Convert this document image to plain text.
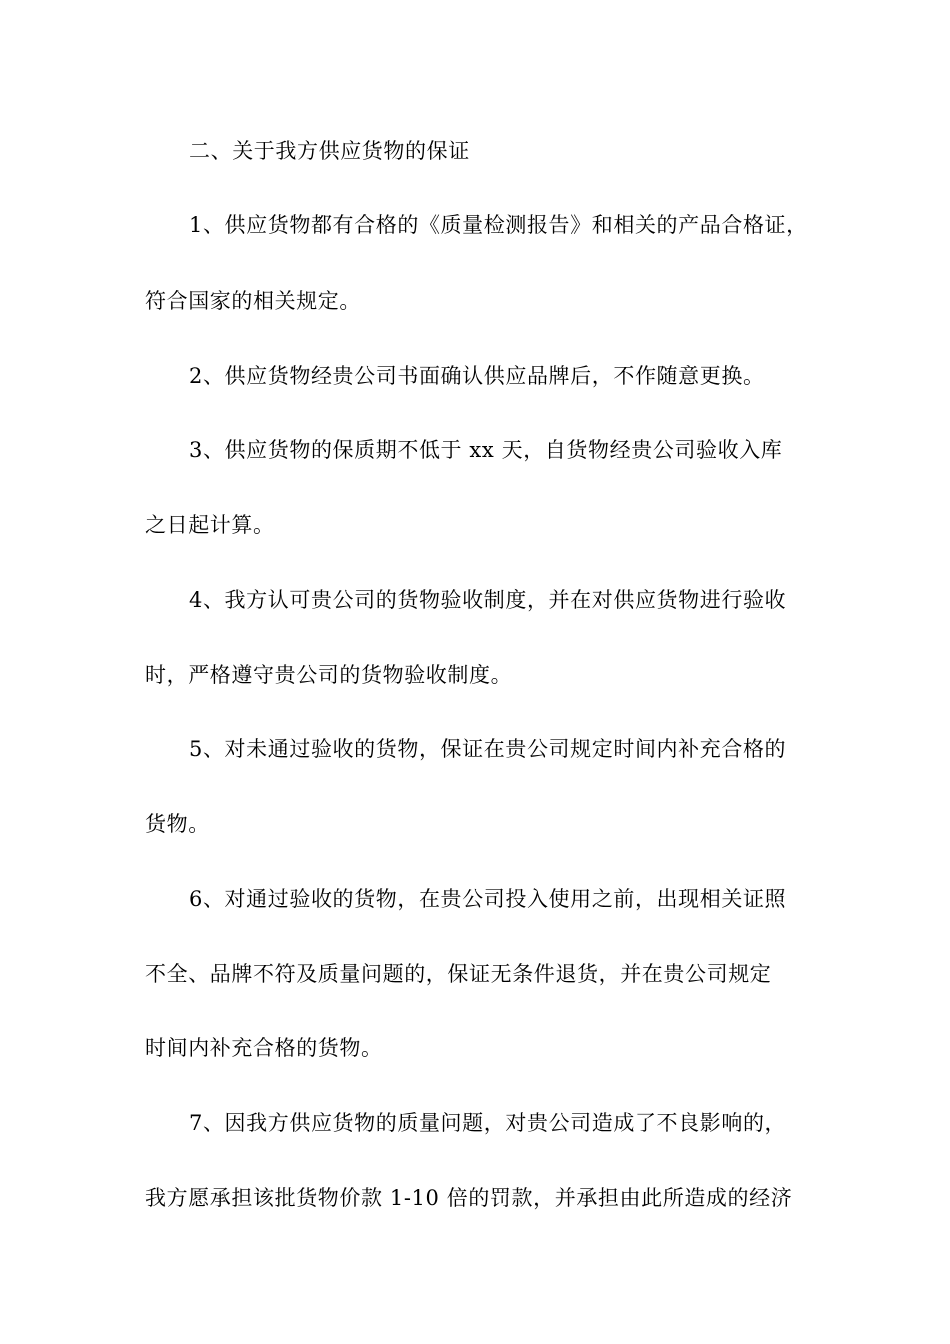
二、关于我方供应货物的保证
1、供应货物都有合格的《质量检测报告》和相关的产品合格证，
符合国家的相关规定。
2、供应货物经贵公司书面确认供应品牌后，不作随意更换。
3、供应货物的保质期不低于 xx 天，自货物经贵公司验收入库
之日起计算。
4、我方认可贵公司的货物验收制度，并在对供应货物进行验收
时，严格遵守贵公司的货物验收制度。
5、对未通过验收的货物，保证在贵公司规定时间内补充合格的
货物。
6、对通过验收的货物，在贵公司投入使用之前，出现相关证照
不全、品牌不符及质量问题的，保证无条件退货，并在贵公司规定
时间内补充合格的货物。
7、因我方供应货物的质量问题，对贵公司造成了不良影响的，
我方愿承担该批货物价款 1-10 倍的罚款，并承担由此所造成的经济
